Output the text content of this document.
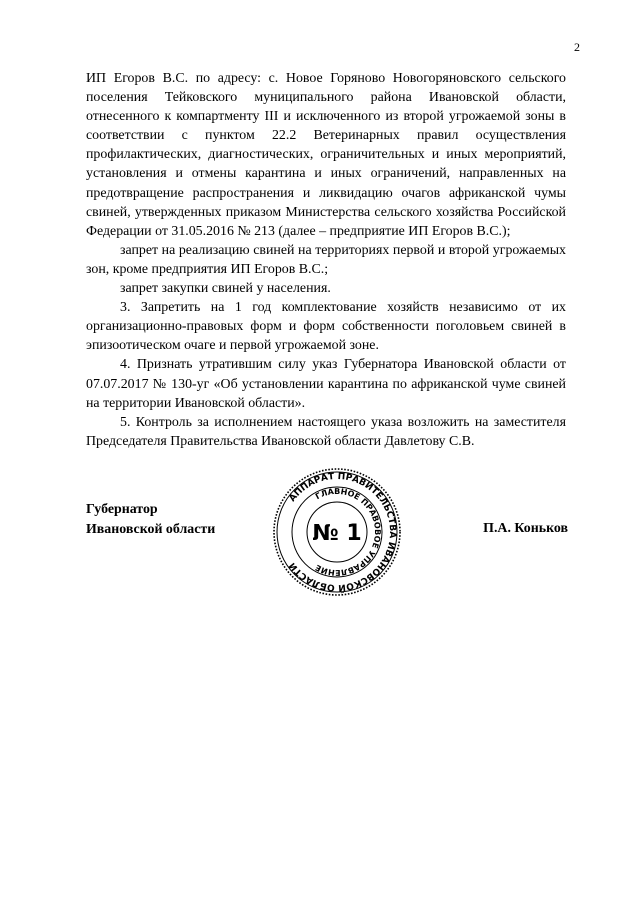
2

ИП Егоров В.С. по адресу: с. Новое Горяново Новогоряновского сельского поселения Тейковского муниципального района Ивановской области, отнесенного к компартменту III и исключенного из второй угрожаемой зоны в соответствии с пунктом 22.2 Ветеринарных правил осуществления профилактических, диагностических, ограничительных и иных мероприятий, установления и отмены карантина и иных ограничений, направленных на предотвращение распространения и ликвидацию очагов африканской чумы свиней, утвержденных приказом Министерства сельского хозяйства Российской Федерации от 31.05.2016 № 213 (далее – предприятие ИП Егоров В.С.);

запрет на реализацию свиней на территориях первой и второй угрожаемых зон, кроме предприятия ИП Егоров В.С.;

запрет закупки свиней у населения.

3. Запретить на 1 год комплектование хозяйств независимо от их организационно-правовых форм и форм собственности поголовьем свиней в эпизоотическом очаге и первой угрожаемой зоне.

4. Признать утратившим силу указ Губернатора Ивановской области от 07.07.2017 № 130-уг «Об установлении карантина по африканской чуме свиней на территории Ивановской области».

5. Контроль за исполнением настоящего указа возложить на заместителя Председателя Правительства Ивановской области Давлетову С.В.

Губернатор
Ивановской области
АППАРАТ ПРАВИТЕЛЬСТВА ИВАНОВСКОЙ ОБЛАСТИ
ГЛАВНОЕ ПРАВОВОЕ УПРАВЛЕНИЕ
№ 1	П.А. Коньков
